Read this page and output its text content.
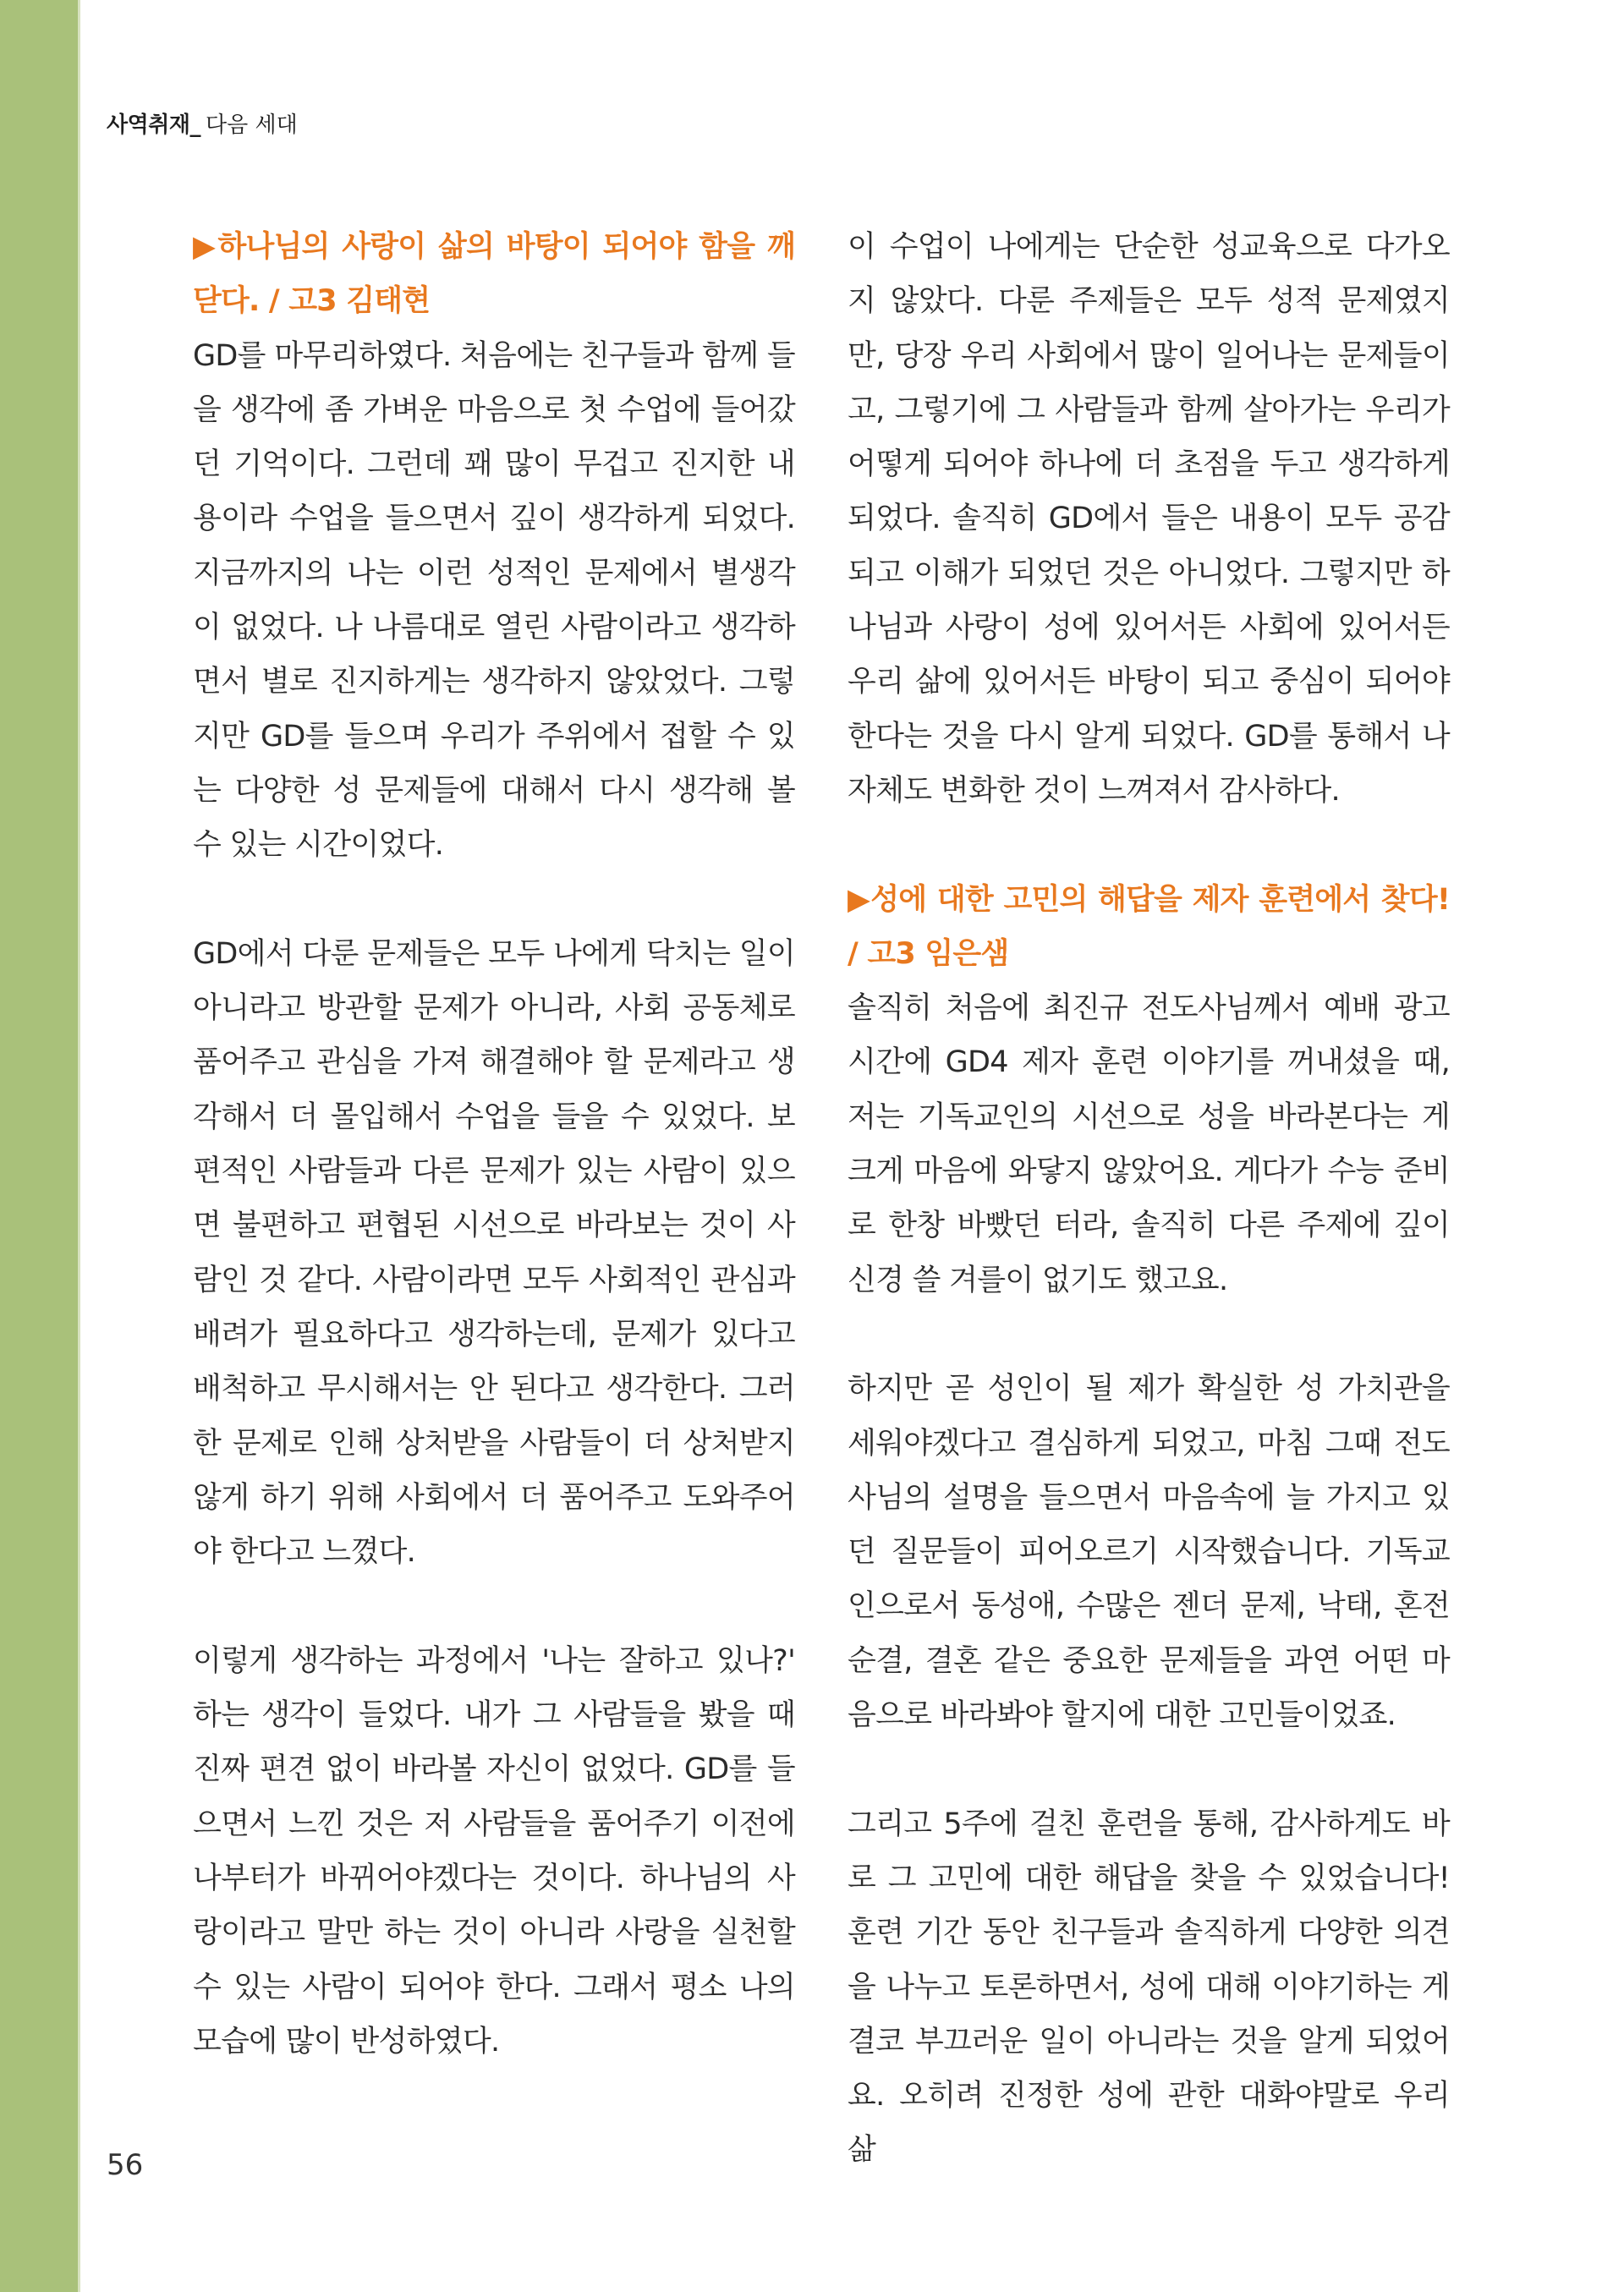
사역취재_ 다음 세대
▶하나님의 사랑이 삶의 바탕이 되어야 함을 깨닫다. / 고3 김태현

GD를 마무리하였다. 처음에는 친구들과 함께 들을 생각에 좀 가벼운 마음으로 첫 수업에 들어갔던 기억이다. 그런데 꽤 많이 무겁고 진지한 내용이라 수업을 들으면서 깊이 생각하게 되었다. 지금까지의 나는 이런 성적인 문제에서 별생각이 없었다. 나 나름대로 열린 사람이라고 생각하면서 별로 진지하게는 생각하지 않았었다. 그렇지만 GD를 들으며 우리가 주위에서 접할 수 있는 다양한 성 문제들에 대해서 다시 생각해 볼 수 있는 시간이었다.

GD에서 다룬 문제들은 모두 나에게 닥치는 일이 아니라고 방관할 문제가 아니라, 사회 공동체로 품어주고 관심을 가져 해결해야 할 문제라고 생각해서 더 몰입해서 수업을 들을 수 있었다. 보편적인 사람들과 다른 문제가 있는 사람이 있으면 불편하고 편협된 시선으로 바라보는 것이 사람인 것 같다. 사람이라면 모두 사회적인 관심과 배려가 필요하다고 생각하는데, 문제가 있다고 배척하고 무시해서는 안 된다고 생각한다. 그러한 문제로 인해 상처받을 사람들이 더 상처받지 않게 하기 위해 사회에서 더 품어주고 도와주어야 한다고 느꼈다.

이렇게 생각하는 과정에서 '나는 잘하고 있나?' 하는 생각이 들었다. 내가 그 사람들을 봤을 때 진짜 편견 없이 바라볼 자신이 없었다. GD를 들으면서 느낀 것은 저 사람들을 품어주기 이전에 나부터가 바뀌어야겠다는 것이다. 하나님의 사랑이라고 말만 하는 것이 아니라 사랑을 실천할 수 있는 사람이 되어야 한다. 그래서 평소 나의 모습에 많이 반성하였다.

이 수업이 나에게는 단순한 성교육으로 다가오지 않았다. 다룬 주제들은 모두 성적 문제였지만, 당장 우리 사회에서 많이 일어나는 문제들이고, 그렇기에 그 사람들과 함께 살아가는 우리가 어떻게 되어야 하나에 더 초점을 두고 생각하게 되었다. 솔직히 GD에서 들은 내용이 모두 공감되고 이해가 되었던 것은 아니었다. 그렇지만 하나님과 사랑이 성에 있어서든 사회에 있어서든 우리 삶에 있어서든 바탕이 되고 중심이 되어야 한다는 것을 다시 알게 되었다. GD를 통해서 나 자체도 변화한 것이 느껴져서 감사하다.

▶성에 대한 고민의 해답을 제자 훈련에서 찾다! / 고3 임은샘

솔직히 처음에 최진규 전도사님께서 예배 광고 시간에 GD4 제자 훈련 이야기를 꺼내셨을 때, 저는 기독교인의 시선으로 성을 바라본다는 게 크게 마음에 와닿지 않았어요. 게다가 수능 준비로 한창 바빴던 터라, 솔직히 다른 주제에 깊이 신경 쓸 겨를이 없기도 했고요.

하지만 곧 성인이 될 제가 확실한 성 가치관을 세워야겠다고 결심하게 되었고, 마침 그때 전도사님의 설명을 들으면서 마음속에 늘 가지고 있던 질문들이 피어오르기 시작했습니다. 기독교인으로서 동성애, 수많은 젠더 문제, 낙태, 혼전순결, 결혼 같은 중요한 문제들을 과연 어떤 마음으로 바라봐야 할지에 대한 고민들이었죠.

그리고 5주에 걸친 훈련을 통해, 감사하게도 바로 그 고민에 대한 해답을 찾을 수 있었습니다! 훈련 기간 동안 친구들과 솔직하게 다양한 의견을 나누고 토론하면서, 성에 대해 이야기하는 게 결코 부끄러운 일이 아니라는 것을 알게 되었어요. 오히려 진정한 성에 관한 대화야말로 우리 삶

56
